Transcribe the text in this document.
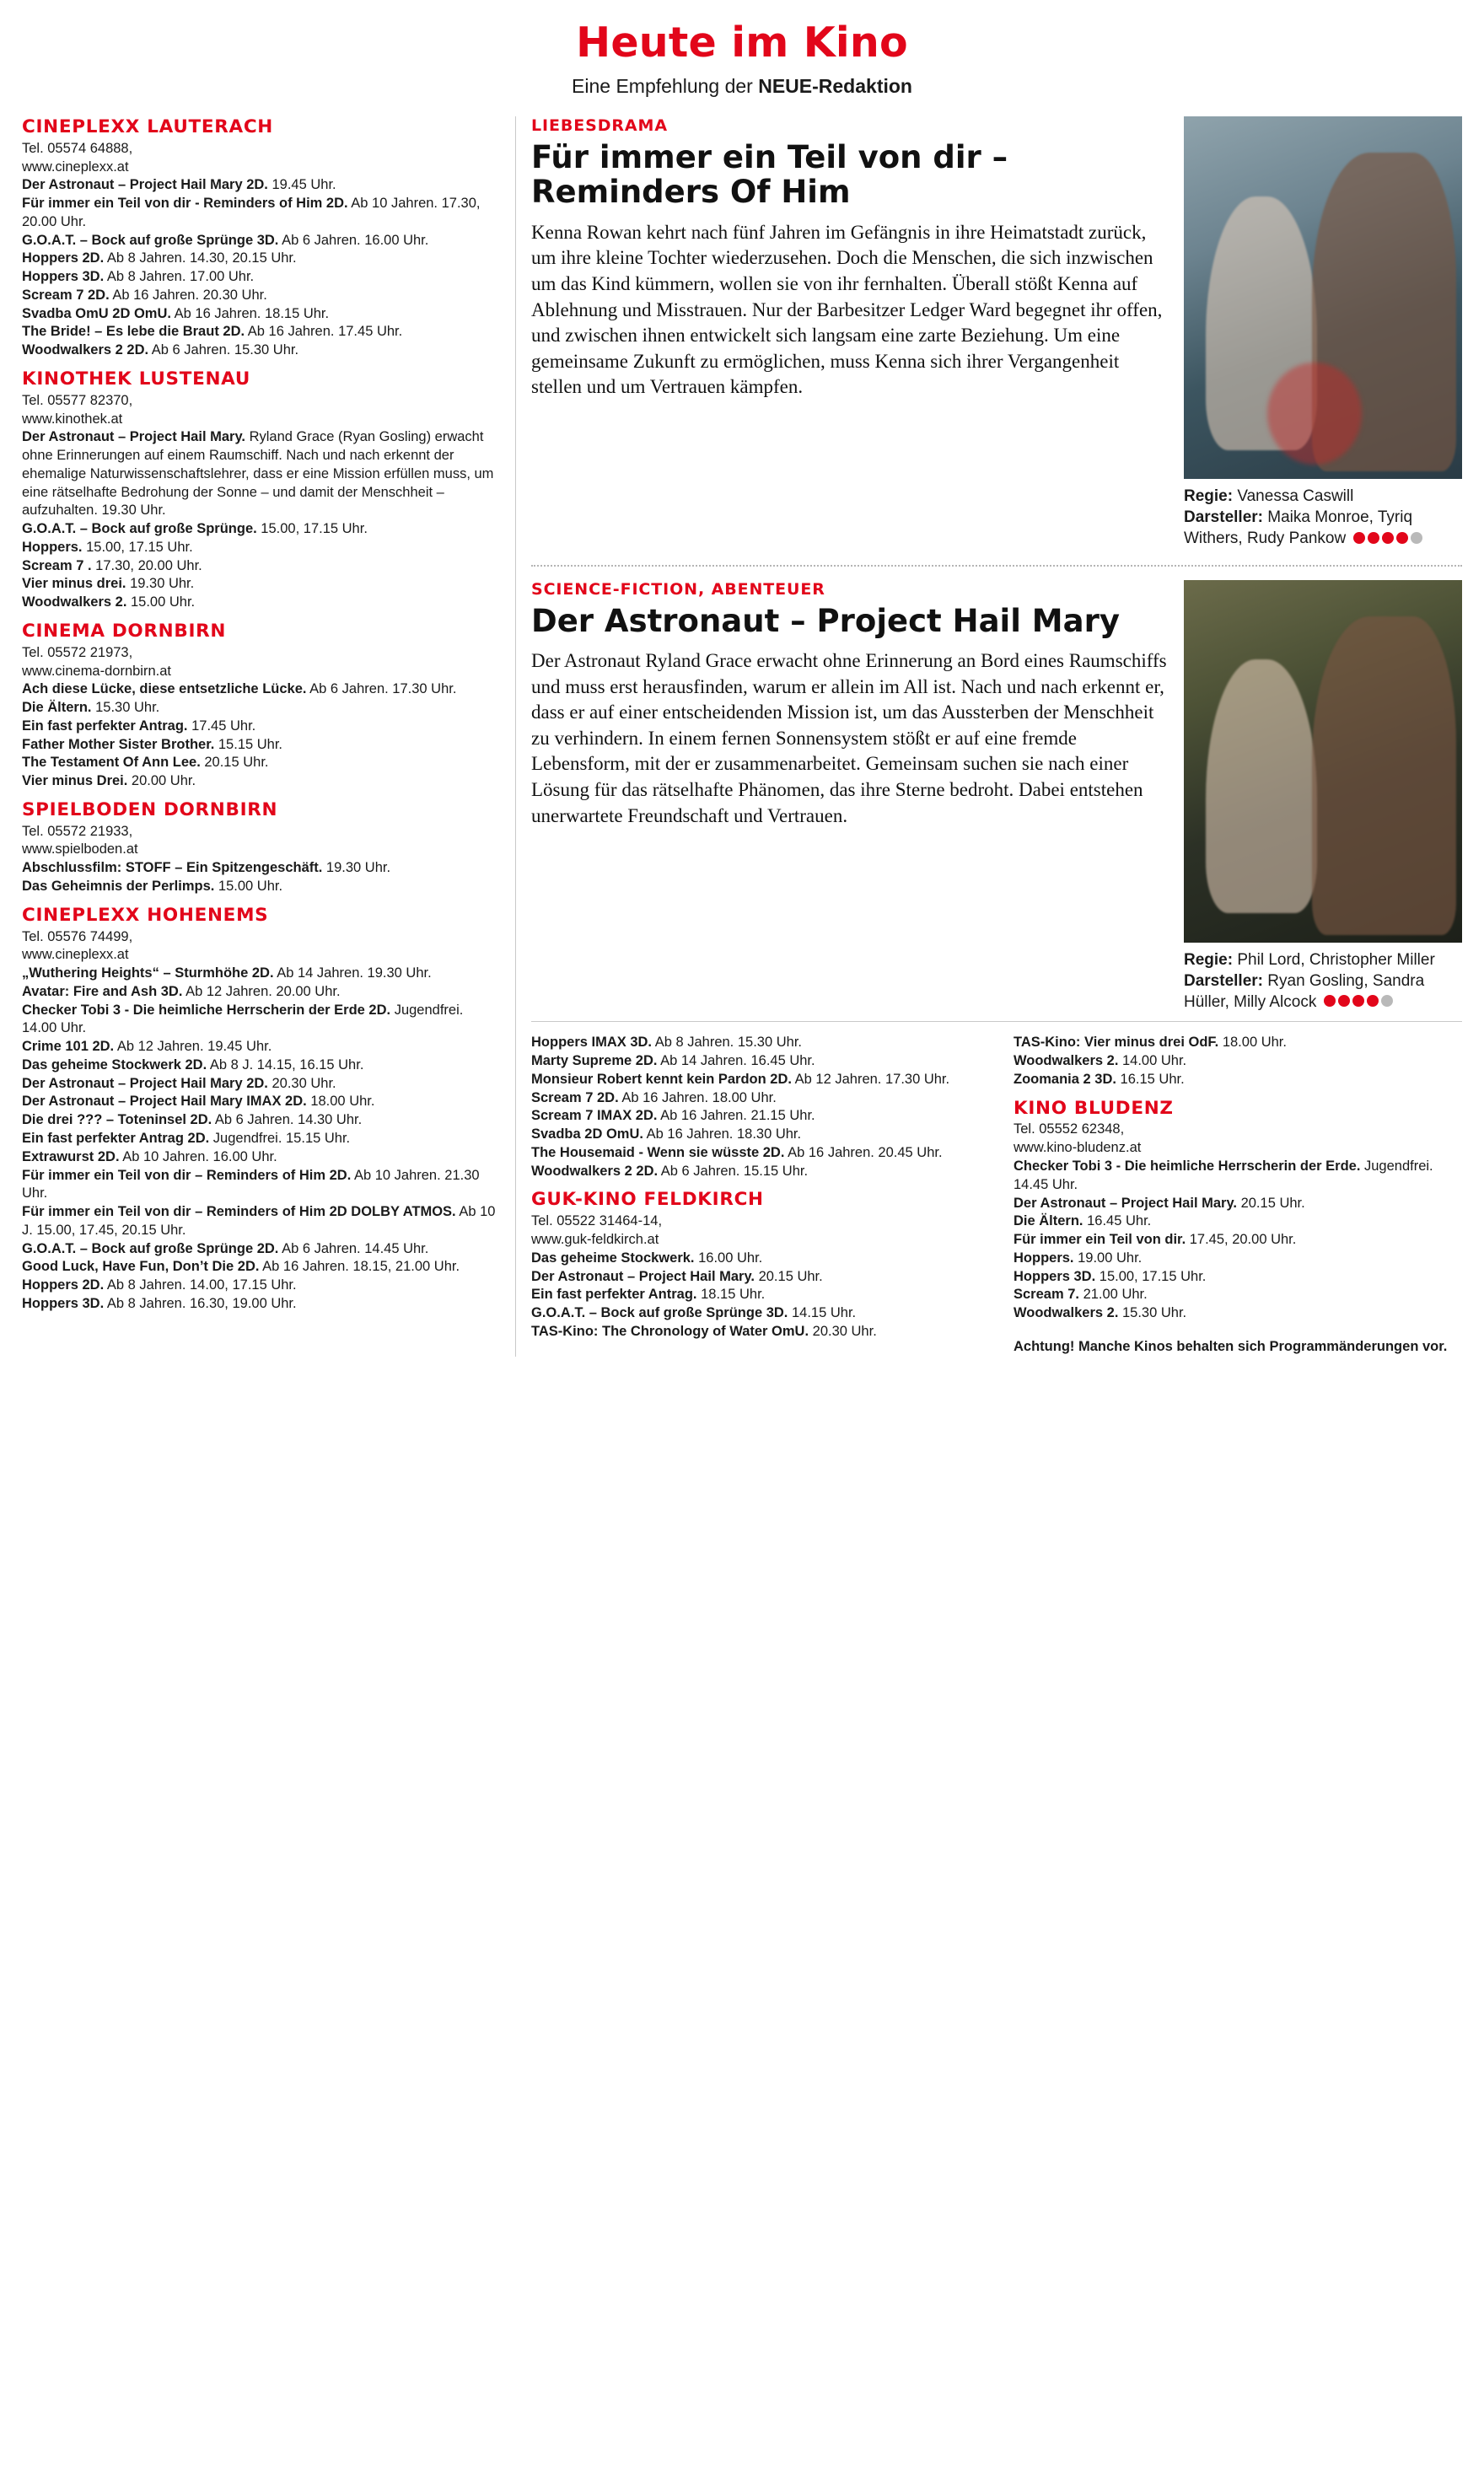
Heute im Kino
Eine Empfehlung der NEUE-Redaktion
CINEPLEXX LAUTERACH
Tel. 05574 64888,
www.cineplexx.at

Der Astronaut – Project Hail Mary 2D. 19.45 Uhr.

Für immer ein Teil von dir - Reminders of Him 2D. Ab 10 Jahren. 17.30, 20.00 Uhr.

G.O.A.T. – Bock auf große Sprünge 3D. Ab 6 Jahren. 16.00 Uhr.

Hoppers 2D. Ab 8 Jahren. 14.30, 20.15 Uhr.

Hoppers 3D. Ab 8 Jahren. 17.00 Uhr.

Scream 7 2D. Ab 16 Jahren. 20.30 Uhr.

Svadba OmU 2D OmU. Ab 16 Jahren. 18.15 Uhr.

The Bride! – Es lebe die Braut 2D. Ab 16 Jahren. 17.45 Uhr.

Woodwalkers 2 2D. Ab 6 Jahren. 15.30 Uhr.

KINOTHEK LUSTENAU
Tel. 05577 82370,
www.kinothek.at

Der Astronaut – Project Hail Mary. Ryland Grace (Ryan Gosling) erwacht ohne Erinnerungen auf einem Raumschiff. Nach und nach erkennt der ehemalige Naturwissenschaftslehrer, dass er eine Mission erfüllen muss, um eine rätselhafte Bedrohung der Sonne – und damit der Menschheit – aufzuhalten. 19.30 Uhr.

G.O.A.T. – Bock auf große Sprünge. 15.00, 17.15 Uhr.

Hoppers. 15.00, 17.15 Uhr.

Scream 7 . 17.30, 20.00 Uhr.

Vier minus drei. 19.30 Uhr.

Woodwalkers 2. 15.00 Uhr.

CINEMA DORNBIRN
Tel. 05572 21973,
www.cinema-dornbirn.at

Ach diese Lücke, diese entsetzliche Lücke. Ab 6 Jahren. 17.30 Uhr.

Die Ältern. 15.30 Uhr.

Ein fast perfekter Antrag. 17.45 Uhr.

Father Mother Sister Brother. 15.15 Uhr.

The Testament Of Ann Lee. 20.15 Uhr.

Vier minus Drei. 20.00 Uhr.

SPIELBODEN DORNBIRN
Tel. 05572 21933,
www.spielboden.at

Abschlussfilm: STOFF – Ein Spitzengeschäft. 19.30 Uhr.

Das Geheimnis der Perlimps. 15.00 Uhr.

CINEPLEXX HOHENEMS
Tel. 05576 74499,
www.cineplexx.at

„Wuthering Heights“ – Sturmhöhe 2D. Ab 14 Jahren. 19.30 Uhr.

Avatar: Fire and Ash 3D. Ab 12 Jahren. 20.00 Uhr.

Checker Tobi 3 - Die heimliche Herrscherin der Erde 2D. Jugendfrei. 14.00 Uhr.

Crime 101 2D. Ab 12 Jahren. 19.45 Uhr.

Das geheime Stockwerk 2D. Ab 8 J. 14.15, 16.15 Uhr.

Der Astronaut – Project Hail Mary 2D. 20.30 Uhr.

Der Astronaut – Project Hail Mary IMAX 2D. 18.00 Uhr.

Die drei ??? – Toteninsel 2D. Ab 6 Jahren. 14.30 Uhr.

Ein fast perfekter Antrag 2D. Jugendfrei. 15.15 Uhr.

Extrawurst 2D. Ab 10 Jahren. 16.00 Uhr.

Für immer ein Teil von dir – Reminders of Him 2D. Ab 10 Jahren. 21.30 Uhr.

Für immer ein Teil von dir – Reminders of Him 2D DOLBY ATMOS. Ab 10 J. 15.00, 17.45, 20.15 Uhr.

G.O.A.T. – Bock auf große Sprünge 2D. Ab 6 Jahren. 14.45 Uhr.

Good Luck, Have Fun, Don’t Die 2D. Ab 16 Jahren. 18.15, 21.00 Uhr.

Hoppers 2D. Ab 8 Jahren. 14.00, 17.15 Uhr.

Hoppers 3D. Ab 8 Jahren. 16.30, 19.00 Uhr.

LIEBESDRAMA
Für immer ein Teil von dir – Reminders Of Him

Kenna Rowan kehrt nach fünf Jahren im Gefängnis in ihre Heimatstadt zurück, um ihre kleine Tochter wiederzusehen. Doch die Menschen, die sich inzwischen um das Kind kümmern, wollen sie von ihr fernhalten. Überall stößt Kenna auf Ablehnung und Misstrauen. Nur der Barbesitzer Ledger Ward begegnet ihr offen, und zwischen ihnen entwickelt sich langsam eine zarte Beziehung. Um eine gemeinsame Zukunft zu ermöglichen, muss Kenna sich ihrer Vergangenheit stellen und um Vertrauen kämpfen.

Regie: Vanessa Caswill
Darsteller: Maika Monroe, Tyriq Withers, Rudy Pankow
SCIENCE-FICTION, ABENTEUER
Der Astronaut – Project Hail Mary

Der Astronaut Ryland Grace erwacht ohne Erinnerung an Bord eines Raumschiffs und muss erst herausfinden, warum er allein im All ist. Nach und nach erkennt er, dass er auf einer entscheidenden Mission ist, um das Aussterben der Menschheit zu verhindern. In einem fernen Sonnensystem stößt er auf eine fremde Lebensform, mit der er zusammenarbeitet. Gemeinsam suchen sie nach einer Lösung für das rätselhafte Phänomen, das ihre Sterne bedroht. Dabei entstehen unerwartete Freundschaft und Vertrauen.

Regie: Phil Lord, Christopher Miller
Darsteller: Ryan Gosling, Sandra Hüller, Milly Alcock

Hoppers IMAX 3D. Ab 8 Jahren. 15.30 Uhr.

Marty Supreme 2D. Ab 14 Jahren. 16.45 Uhr.

Monsieur Robert kennt kein Pardon 2D. Ab 12 Jahren. 17.30 Uhr.

Scream 7 2D. Ab 16 Jahren. 18.00 Uhr.

Scream 7 IMAX 2D. Ab 16 Jahren. 21.15 Uhr.

Svadba 2D OmU. Ab 16 Jahren. 18.30 Uhr.

The Housemaid - Wenn sie wüsste 2D. Ab 16 Jahren. 20.45 Uhr.

Woodwalkers 2 2D. Ab 6 Jahren. 15.15 Uhr.

GUK-KINO FELDKIRCH
Tel. 05522 31464-14,
www.guk-feldkirch.at

Das geheime Stockwerk. 16.00 Uhr.

Der Astronaut – Project Hail Mary. 20.15 Uhr.

Ein fast perfekter Antrag. 18.15 Uhr.

G.O.A.T. – Bock auf große Sprünge 3D. 14.15 Uhr.

TAS-Kino: The Chronology of Water OmU. 20.30 Uhr.

TAS-Kino: Vier minus drei OdF. 18.00 Uhr.

Woodwalkers 2. 14.00 Uhr.

Zoomania 2 3D. 16.15 Uhr.

KINO BLUDENZ
Tel. 05552 62348,
www.kino-bludenz.at

Checker Tobi 3 - Die heimliche Herrscherin der Erde. Jugendfrei. 14.45 Uhr.

Der Astronaut – Project Hail Mary. 20.15 Uhr.

Die Ältern. 16.45 Uhr.

Für immer ein Teil von dir. 17.45, 20.00 Uhr.

Hoppers. 19.00 Uhr.

Hoppers 3D. 15.00, 17.15 Uhr.

Scream 7. 21.00 Uhr.

Woodwalkers 2. 15.30 Uhr.

Achtung! Manche Kinos behalten sich Programmänderungen vor.
